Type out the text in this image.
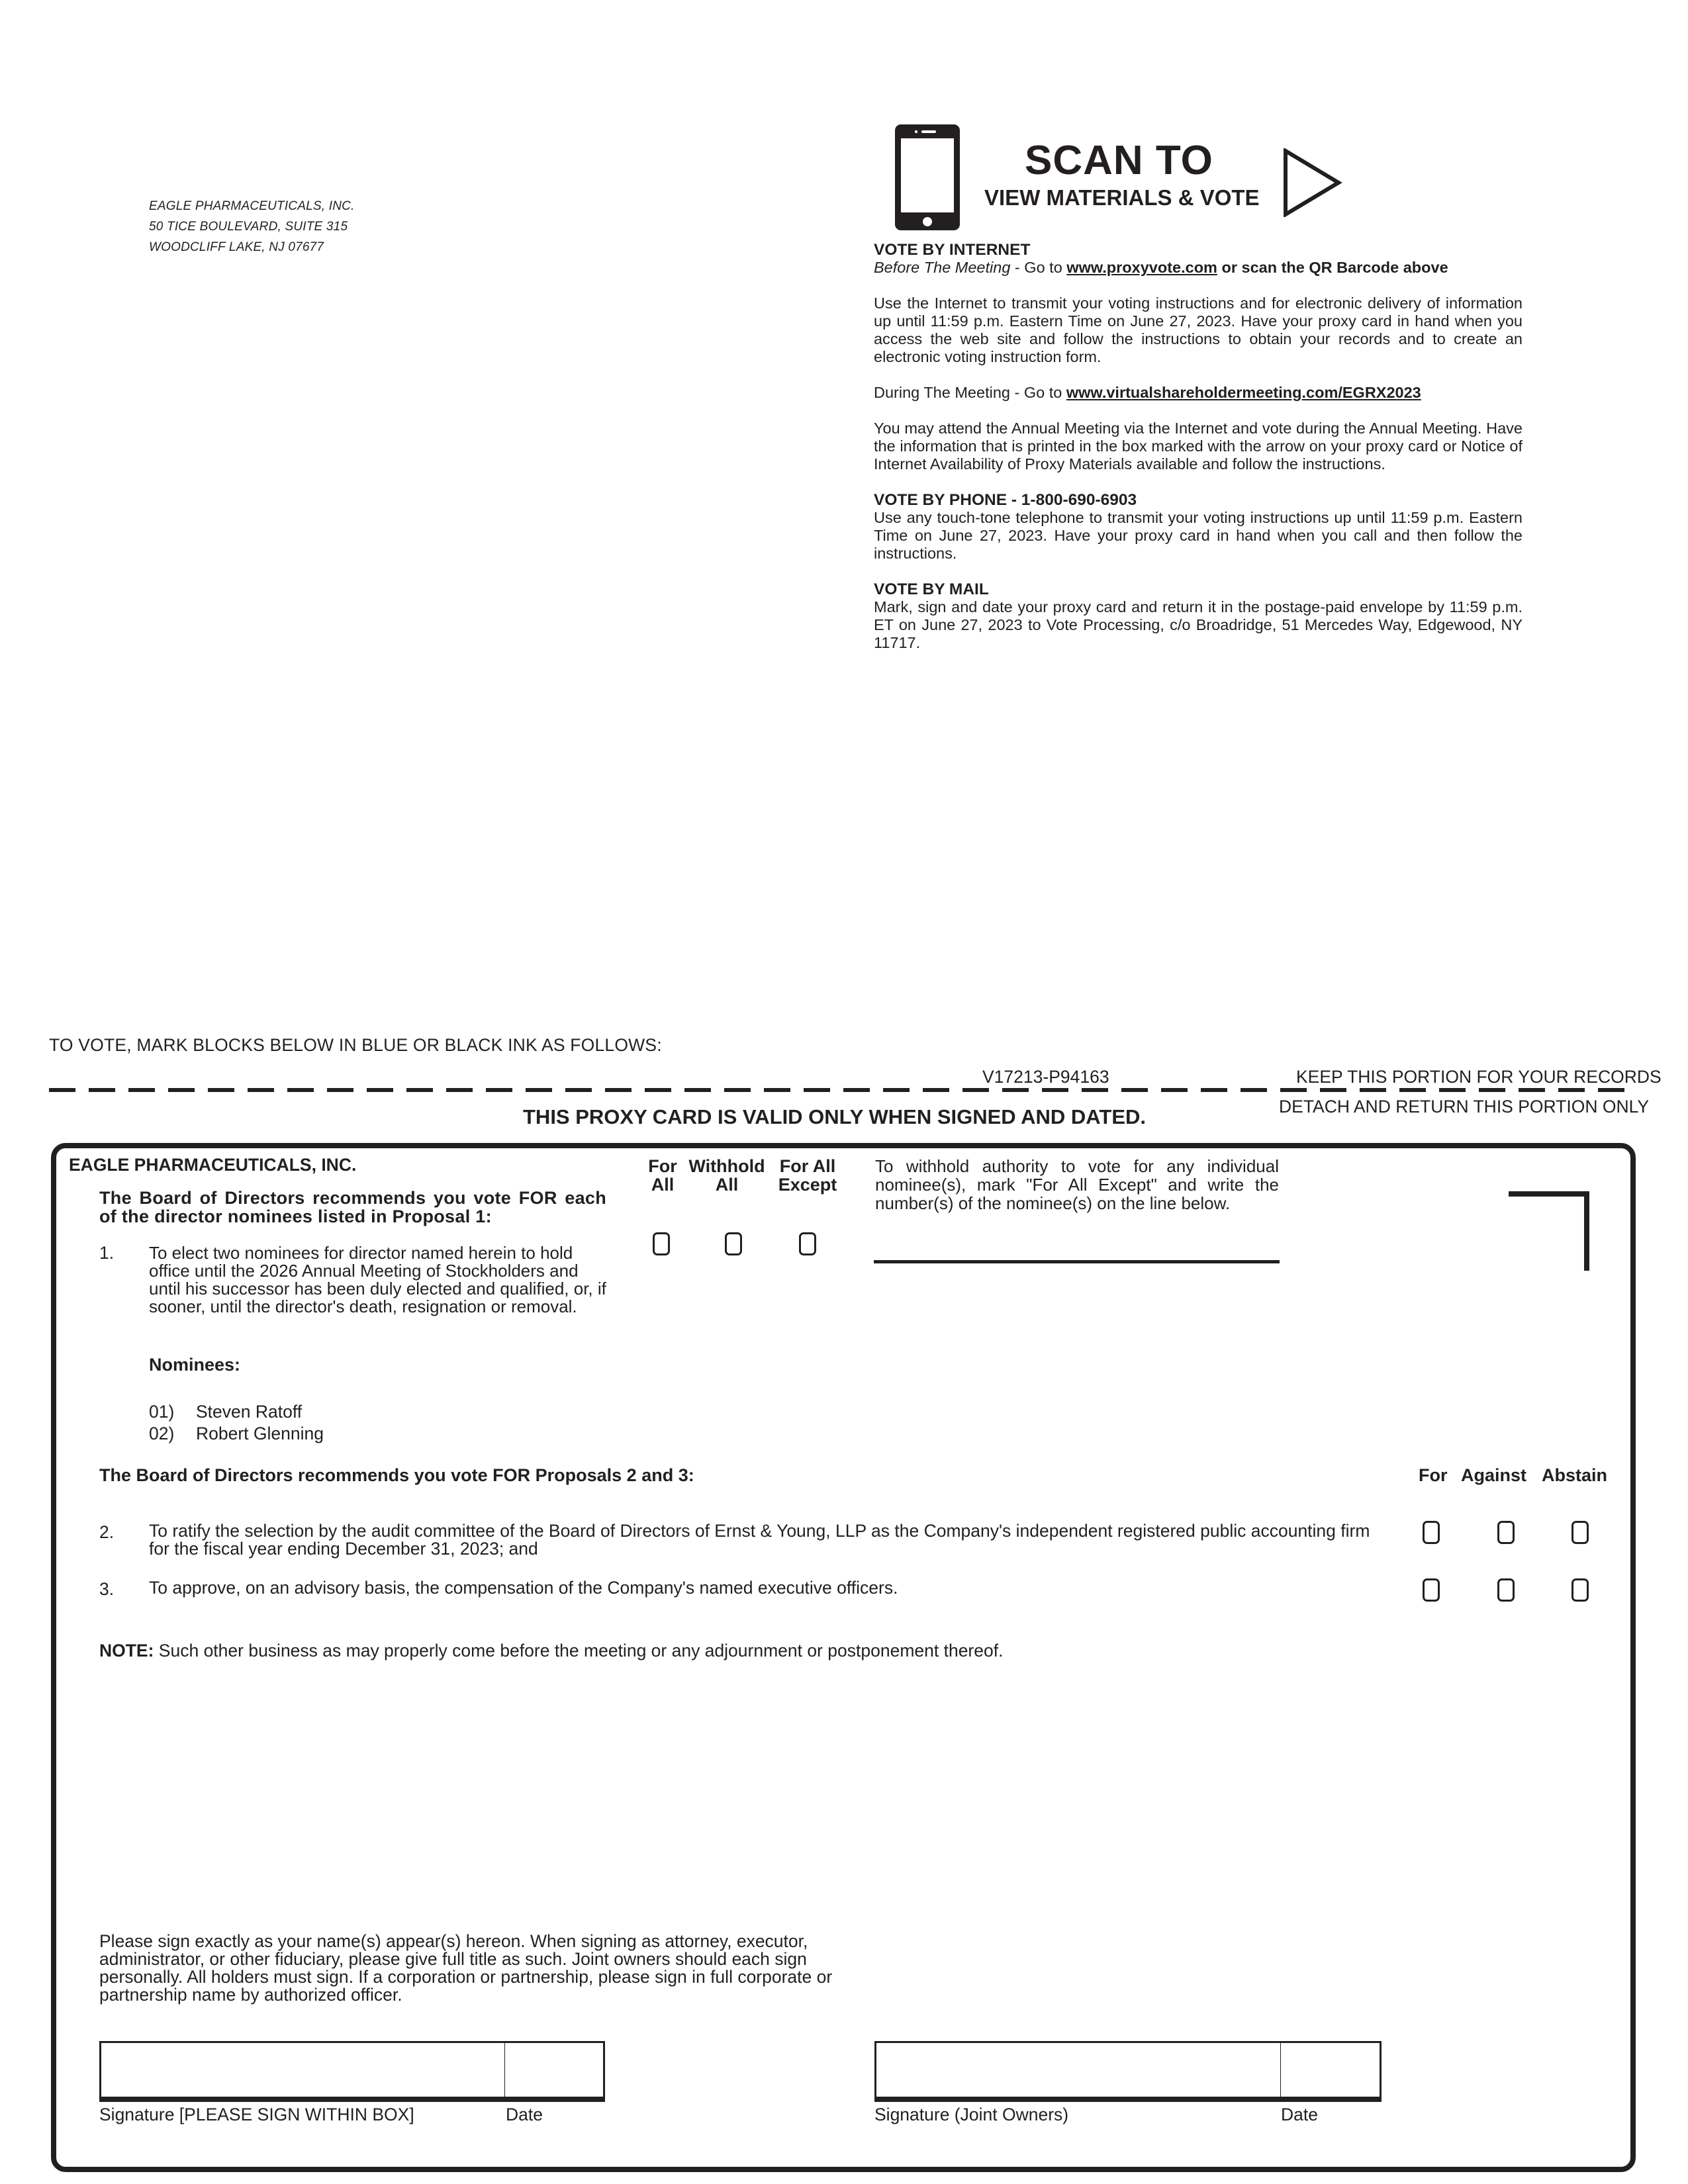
EAGLE PHARMACEUTICALS, INC.
50 TICE BOULEVARD, SUITE 315
WOODCLIFF LAKE, NJ 07677
SCAN TO
VIEW MATERIALS & VOTE
VOTE BY INTERNET

Before The Meeting - Go to www.proxyvote.com or scan the QR Barcode above

Use the Internet to transmit your voting instructions and for electronic delivery of information up until 11:59 p.m. Eastern Time on June 27, 2023. Have your proxy card in hand when you access the web site and follow the instructions to obtain your records and to create an electronic voting instruction form.

During The Meeting - Go to www.virtualshareholdermeeting.com/EGRX2023

You may attend the Annual Meeting via the Internet and vote during the Annual Meeting. Have the information that is printed in the box marked with the arrow on your proxy card or Notice of Internet Availability of Proxy Materials available and follow the instructions.

VOTE BY PHONE - 1-800-690-6903

Use any touch-tone telephone to transmit your voting instructions up until 11:59 p.m. Eastern Time on June 27, 2023. Have your proxy card in hand when you call and then follow the instructions.

VOTE BY MAIL

Mark, sign and date your proxy card and return it in the postage-paid envelope by 11:59 p.m. ET on June 27, 2023 to Vote Processing, c/o Broadridge, 51 Mercedes Way, Edgewood, NY 11717.

TO VOTE, MARK BLOCKS BELOW IN BLUE OR BLACK INK AS FOLLOWS:
V17213-P94163	KEEP THIS PORTION FOR YOUR RECORDS
DETACH AND RETURN THIS PORTION ONLY
THIS PROXY CARD IS VALID ONLY WHEN SIGNED AND DATED.
EAGLE PHARMACEUTICALS, INC.
The Board of Directors recommends you vote FOR each of the director nominees listed in Proposal 1:
1. To elect two nominees for director named herein to hold office until the 2026 Annual Meeting of Stockholders and until his successor has been duly elected and qualified, or, if sooner, until the director's death, resignation or removal.
For
All
Withhold
All
For All
Except
To withhold authority to vote for any individual nominee(s), mark "For All Except" and write the number(s) of the nominee(s) on the line below.
Nominees:
01) Steven Ratoff
02) Robert Glenning
The Board of Directors recommends you vote FOR Proposals 2 and 3:	For Against Abstain
2. To ratify the selection by the audit committee of the Board of Directors of Ernst & Young, LLP as the Company's independent registered public accounting firm for the fiscal year ending December 31, 2023; and
3. To approve, on an advisory basis, the compensation of the Company's named executive officers.
NOTE: Such other business as may properly come before the meeting or any adjournment or postponement thereof.
Please sign exactly as your name(s) appear(s) hereon. When signing as attorney, executor, administrator, or other fiduciary, please give full title as such. Joint owners should each sign personally. All holders must sign. If a corporation or partnership, please sign in full corporate or partnership name by authorized officer.
Signature [PLEASE SIGN WITHIN BOX]	Date	Signature (Joint Owners)	Date
